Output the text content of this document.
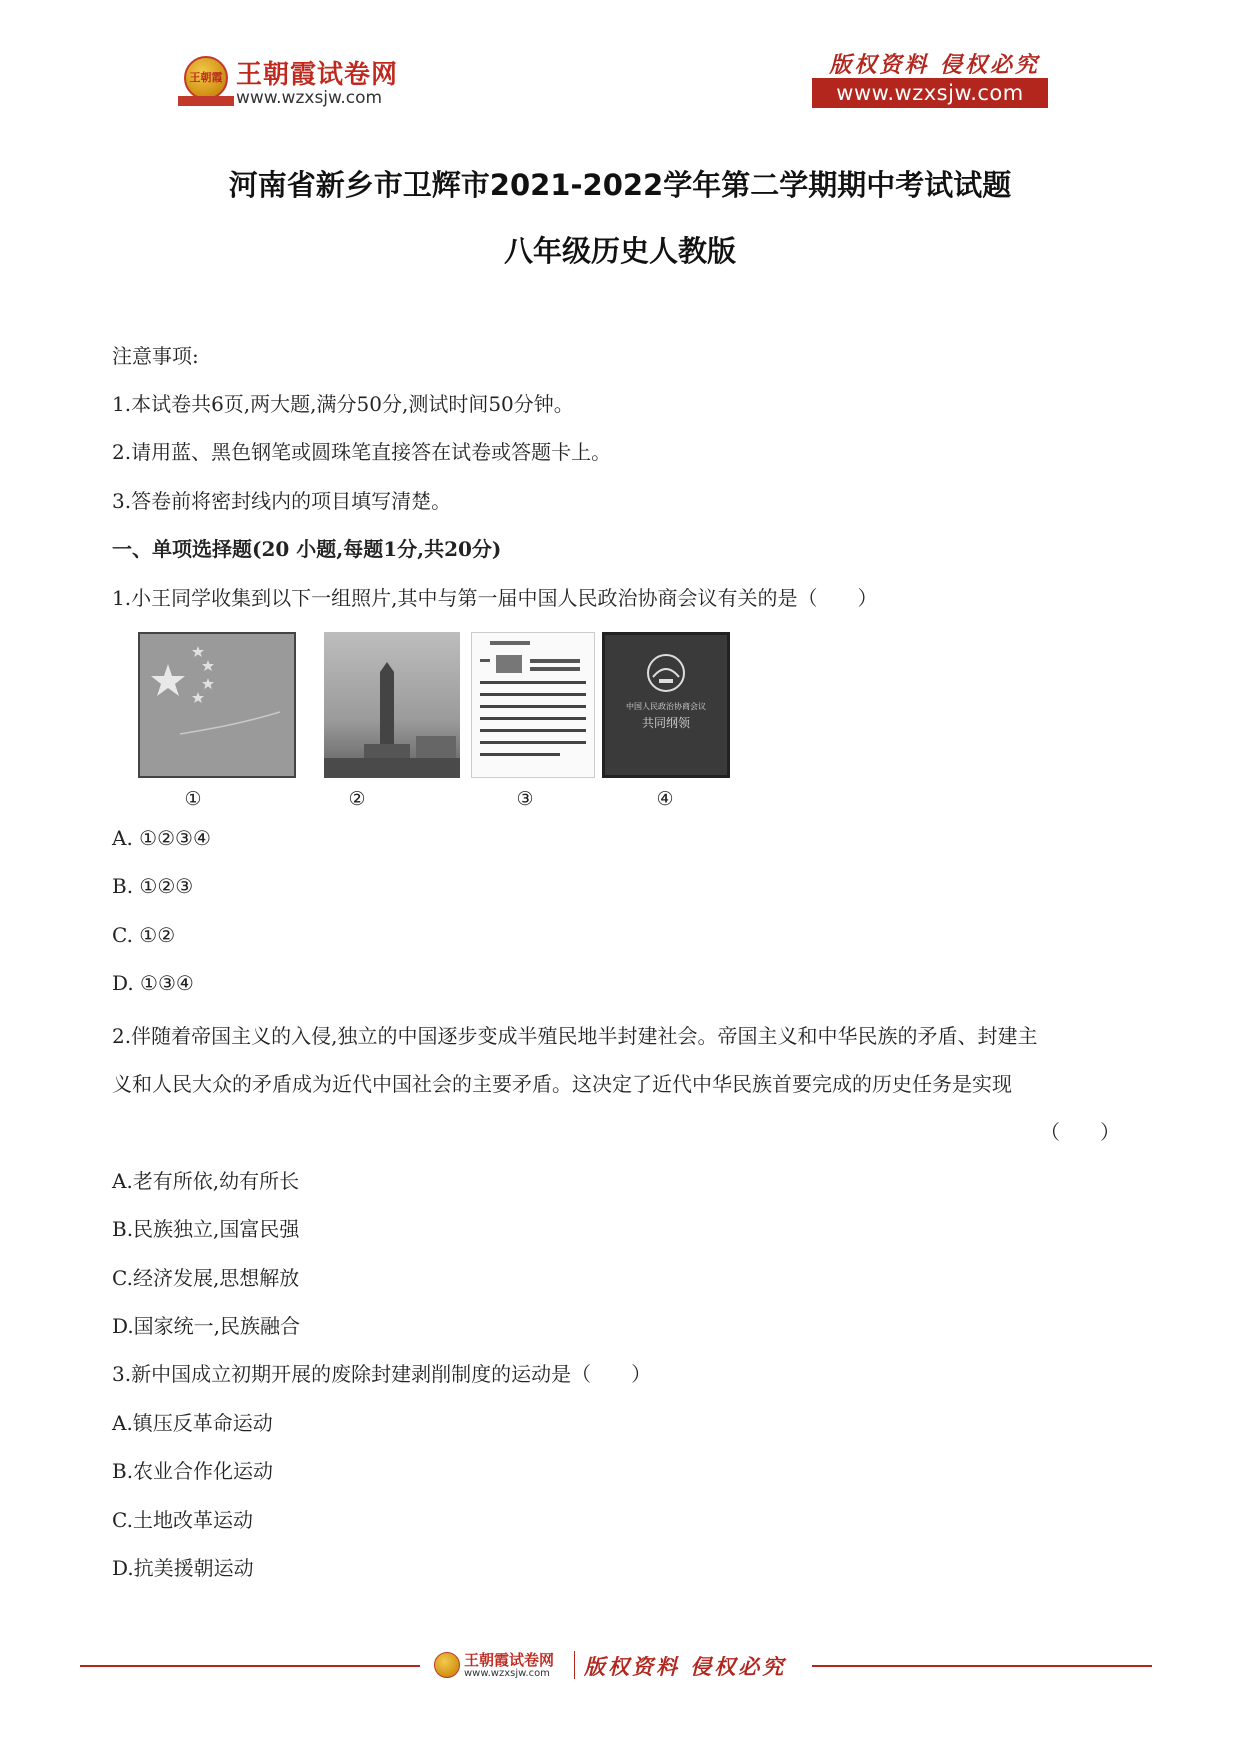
王朝霞 王朝霞试卷网
www.wzxsjw.com
版权资料 侵权必究
www.wzxsjw.com
河南省新乡市卫辉市2021-2022学年第二学期期中考试试题
八年级历史人教版
注意事项:
1.本试卷共6页,两大题,满分50分,测试时间50分钟。
2.请用蓝、黑色钢笔或圆珠笔直接答在试卷或答题卡上。
3.答卷前将密封线内的项目填写清楚。
一、单项选择题(20 小题,每题1分,共20分)
1.小王同学收集到以下一组照片,其中与第一届中国人民政治协商会议有关的是（　　）
中国人民政治协商会议
共同纲领
①	②	③	④
A. ①②③④
B. ①②③
C. ①②
D. ①③④
2.伴随着帝国主义的入侵,独立的中国逐步变成半殖民地半封建社会。帝国主义和中华民族的矛盾、封建主
义和人民大众的矛盾成为近代中国社会的主要矛盾。这决定了近代中华民族首要完成的历史任务是实现
（　　）
A.老有所依,幼有所长
B.民族独立,国富民强
C.经济发展,思想解放
D.国家统一,民族融合
3.新中国成立初期开展的废除封建剥削制度的运动是（　　）
A.镇压反革命运动
B.农业合作化运动
C.土地改革运动
D.抗美援朝运动
王朝霞试卷网
www.wzxsjw.com 版权资料 侵权必究
